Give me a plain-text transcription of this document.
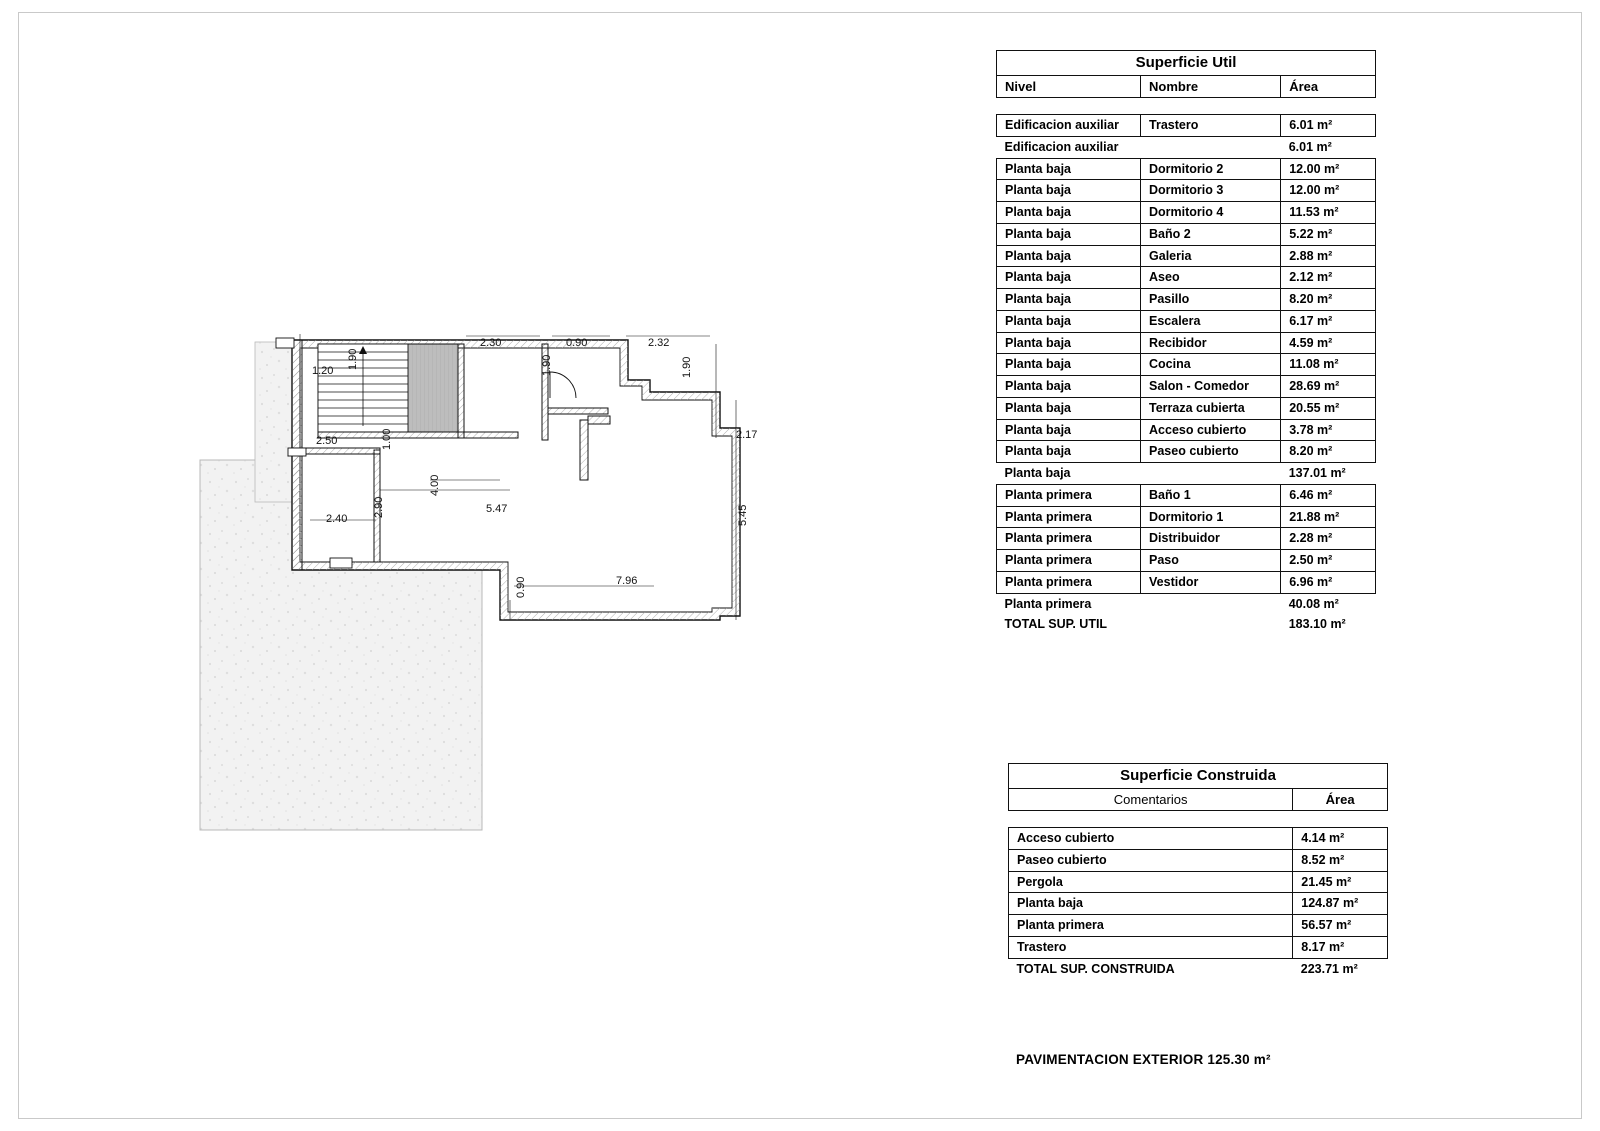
1.20
1.90
2.30
1.90
0.90	2.32
1.90
2.50	1.00	2.17
4.00
5.47	5.45
2.40
2.90
7.96
0.90
Superficie Util		
Nivel	Nombre	Área

Edificacion auxiliar	Trastero	6.01 m²
Edificacion auxiliar		6.01 m²
Planta baja	Dormitorio 2	12.00 m²
Planta baja	Dormitorio 3	12.00 m²
Planta baja	Dormitorio 4	11.53 m²
Planta baja	Baño 2	5.22 m²
Planta baja	Galeria	2.88 m²
Planta baja	Aseo	2.12 m²
Planta baja	Pasillo	8.20 m²
Planta baja	Escalera	6.17 m²
Planta baja	Recibidor	4.59 m²
Planta baja	Cocina	11.08 m²
Planta baja	Salon - Comedor	28.69 m²
Planta baja	Terraza cubierta	20.55 m²
Planta baja	Acceso cubierto	3.78 m²
Planta baja	Paseo cubierto	8.20 m²
Planta baja		137.01 m²
Planta primera	Baño 1	6.46 m²
Planta primera	Dormitorio 1	21.88 m²
Planta primera	Distribuidor	2.28 m²
Planta primera	Paso	2.50 m²
Planta primera	Vestidor	6.96 m²
Planta primera		40.08 m²
TOTAL SUP. UTIL		183.10 m²
Superficie Construida	
Comentarios	Área

Acceso cubierto	4.14 m²
Paseo cubierto	8.52 m²
Pergola	21.45 m²
Planta baja	124.87 m²
Planta primera	56.57 m²
Trastero	8.17 m²
TOTAL SUP. CONSTRUIDA	223.71 m²
PAVIMENTACION EXTERIOR 125.30 m²
